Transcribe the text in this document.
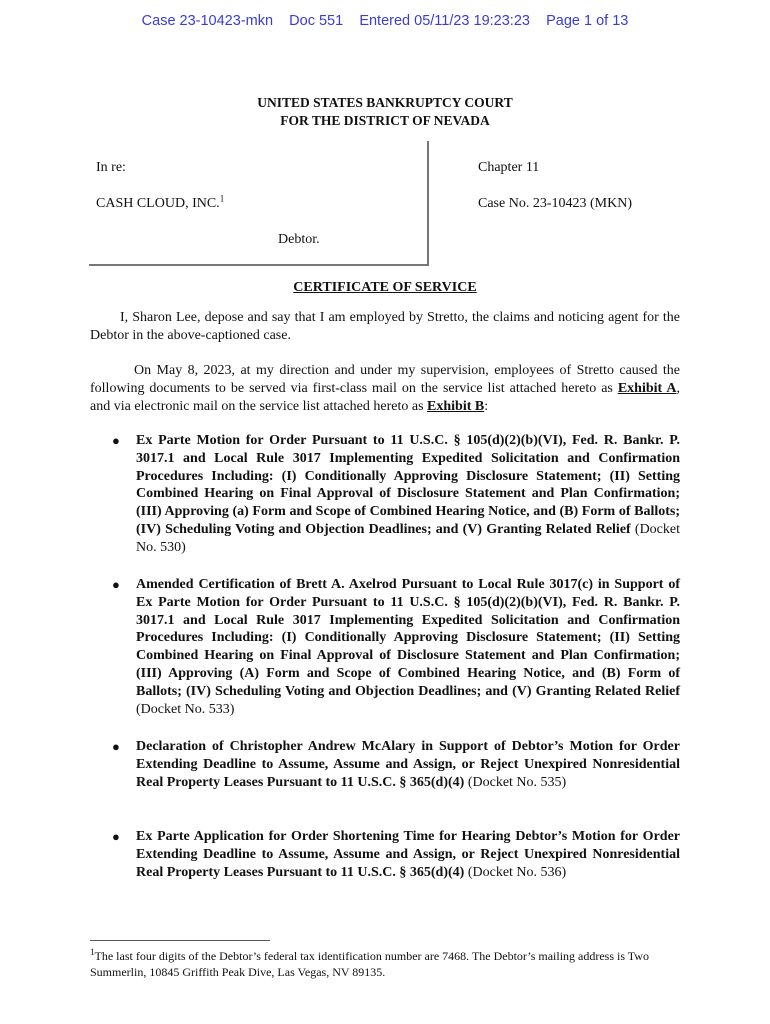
Case 23-10423-mkn Doc 551 Entered 05/11/23 19:23:23 Page 1 of 13
UNITED STATES BANKRUPTCY COURT
FOR THE DISTRICT OF NEVADA
In re:
CASH CLOUD, INC.$^1$
Debtor.
Chapter 11
Case No. 23-10423 (MKN)
CERTIFICATE OF SERVICE
I, Sharon Lee, depose and say that I am employed by Stretto, the claims and noticing agent for the Debtor in the above-captioned case.
On May 8, 2023, at my direction and under my supervision, employees of Stretto caused the following documents to be served via first-class mail on the service list attached hereto as Exhibit A, and via electronic mail on the service list attached hereto as Exhibit B:
● Ex Parte Motion for Order Pursuant to 11 U.S.C. § 105(d)(2)(b)(VI), Fed. R. Bankr. P. 3017.1 and Local Rule 3017 Implementing Expedited Solicitation and Confirmation Procedures Including: (I) Conditionally Approving Disclosure Statement; (II) Setting Combined Hearing on Final Approval of Disclosure Statement and Plan Confirmation; (III) Approving (a) Form and Scope of Combined Hearing Notice, and (B) Form of Ballots; (IV) Scheduling Voting and Objection Deadlines; and (V) Granting Related Relief (Docket No. 530)
● Amended Certification of Brett A. Axelrod Pursuant to Local Rule 3017(c) in Support of Ex Parte Motion for Order Pursuant to 11 U.S.C. § 105(d)(2)(b)(VI), Fed. R. Bankr. P. 3017.1 and Local Rule 3017 Implementing Expedited Solicitation and Confirmation Procedures Including: (I) Conditionally Approving Disclosure Statement; (II) Setting Combined Hearing on Final Approval of Disclosure Statement and Plan Confirmation; (III) Approving (A) Form and Scope of Combined Hearing Notice, and (B) Form of Ballots; (IV) Scheduling Voting and Objection Deadlines; and (V) Granting Related Relief (Docket No. 533)
● Declaration of Christopher Andrew McAlary in Support of Debtor’s Motion for Order Extending Deadline to Assume, Assume and Assign, or Reject Unexpired Nonresidential Real Property Leases Pursuant to 11 U.S.C. § 365(d)(4) (Docket No. 535)
● Ex Parte Application for Order Shortening Time for Hearing Debtor’s Motion for Order Extending Deadline to Assume, Assume and Assign, or Reject Unexpired Nonresidential Real Property Leases Pursuant to 11 U.S.C. § 365(d)(4) (Docket No. 536)
$^1$The last four digits of the Debtor’s federal tax identification number are 7468. The Debtor’s mailing address is Two Summerlin, 10845 Griffith Peak Dive, Las Vegas, NV 89135.
